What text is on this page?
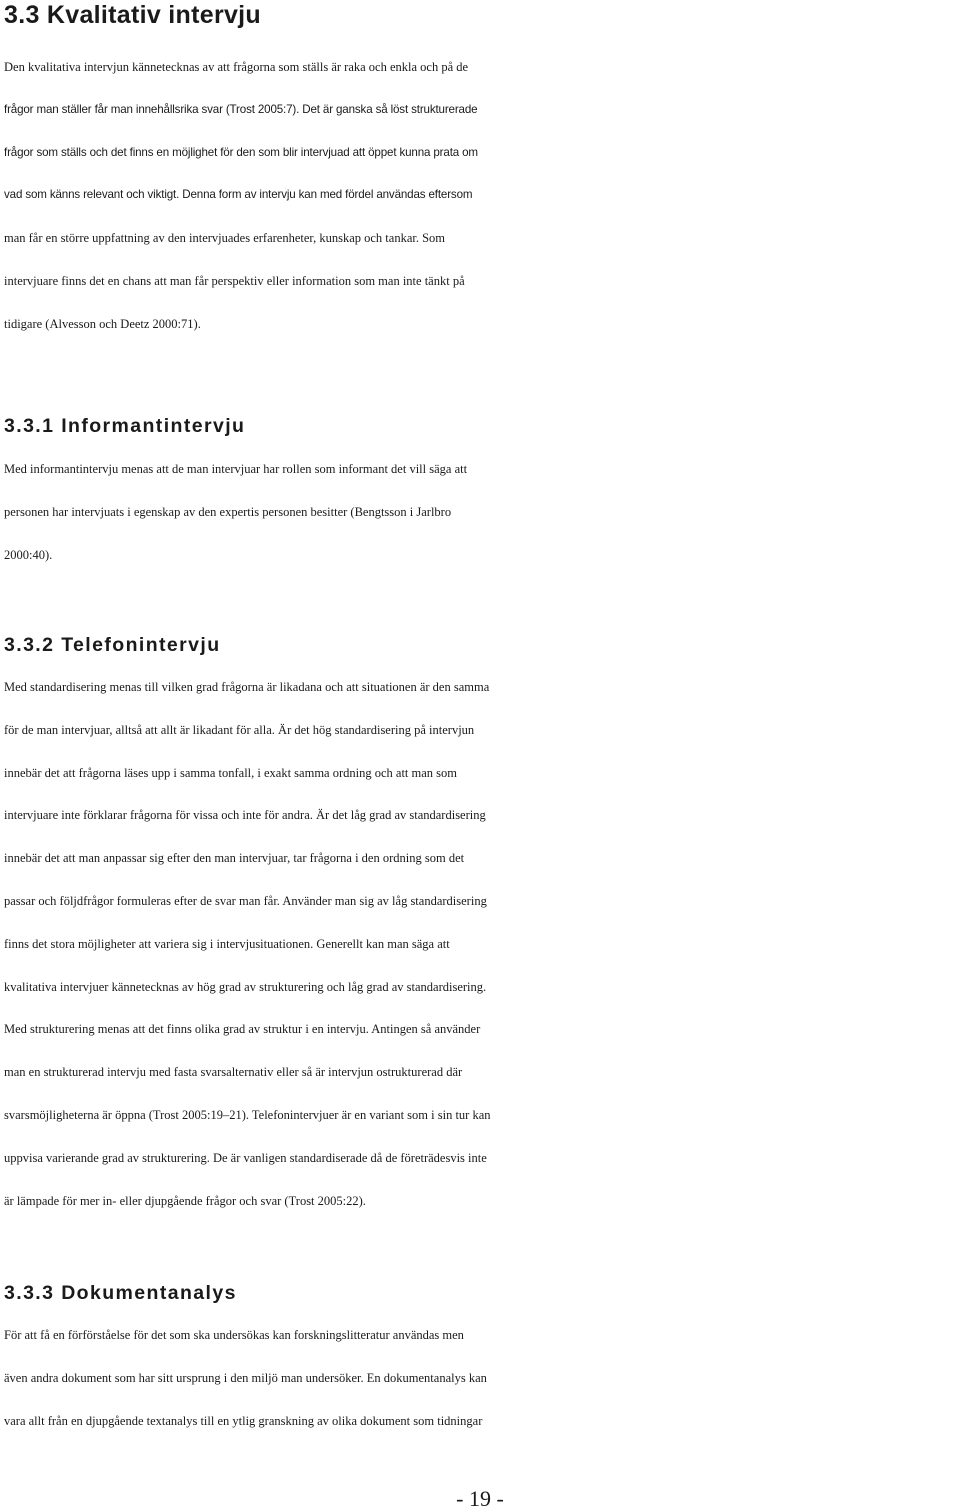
3.3 Kvalitativ intervju
Den kvalitativa intervjun kännetecknas av att frågorna som ställs är raka och enkla och på de
frågor man ställer får man innehållsrika svar (Trost 2005:7). Det är ganska så löst strukturerade
frågor som ställs och det finns en möjlighet för den som blir intervjuad att öppet kunna prata om
vad som känns relevant och viktigt. Denna form av intervju kan med fördel användas eftersom
man får en större uppfattning av den intervjuades erfarenheter, kunskap och tankar. Som
intervjuare finns det en chans att man får perspektiv eller information som man inte tänkt på
tidigare (Alvesson och Deetz 2000:71).
3.3.1 Informantintervju
Med informantintervju menas att de man intervjuar har rollen som informant det vill säga att
personen har intervjuats i egenskap av den expertis personen besitter (Bengtsson i Jarlbro
2000:40).
3.3.2 Telefonintervju
Med standardisering menas till vilken grad frågorna är likadana och att situationen är den samma
för de man intervjuar, alltså att allt är likadant för alla. Är det hög standardisering på intervjun
innebär det att frågorna läses upp i samma tonfall, i exakt samma ordning och att man som
intervjuare inte förklarar frågorna för vissa och inte för andra. Är det låg grad av standardisering
innebär det att man anpassar sig efter den man intervjuar, tar frågorna i den ordning som det
passar och följdfrågor formuleras efter de svar man får. Använder man sig av låg standardisering
finns det stora möjligheter att variera sig i intervjusituationen. Generellt kan man säga att
kvalitativa intervjuer kännetecknas av hög grad av strukturering och låg grad av standardisering.
Med strukturering menas att det finns olika grad av struktur i en intervju. Antingen så använder
man en strukturerad intervju med fasta svarsalternativ eller så är intervjun ostrukturerad där
svarsmöjligheterna är öppna (Trost 2005:19–21). Telefonintervjuer är en variant som i sin tur kan
uppvisa varierande grad av strukturering. De är vanligen standardiserade då de företrädesvis inte
är lämpade för mer in- eller djupgående frågor och svar (Trost 2005:22).
3.3.3 Dokumentanalys
För att få en förförståelse för det som ska undersökas kan forskningslitteratur användas men
även andra dokument som har sitt ursprung i den miljö man undersöker. En dokumentanalys kan
vara allt från en djupgående textanalys till en ytlig granskning av olika dokument som tidningar
- 19 -
